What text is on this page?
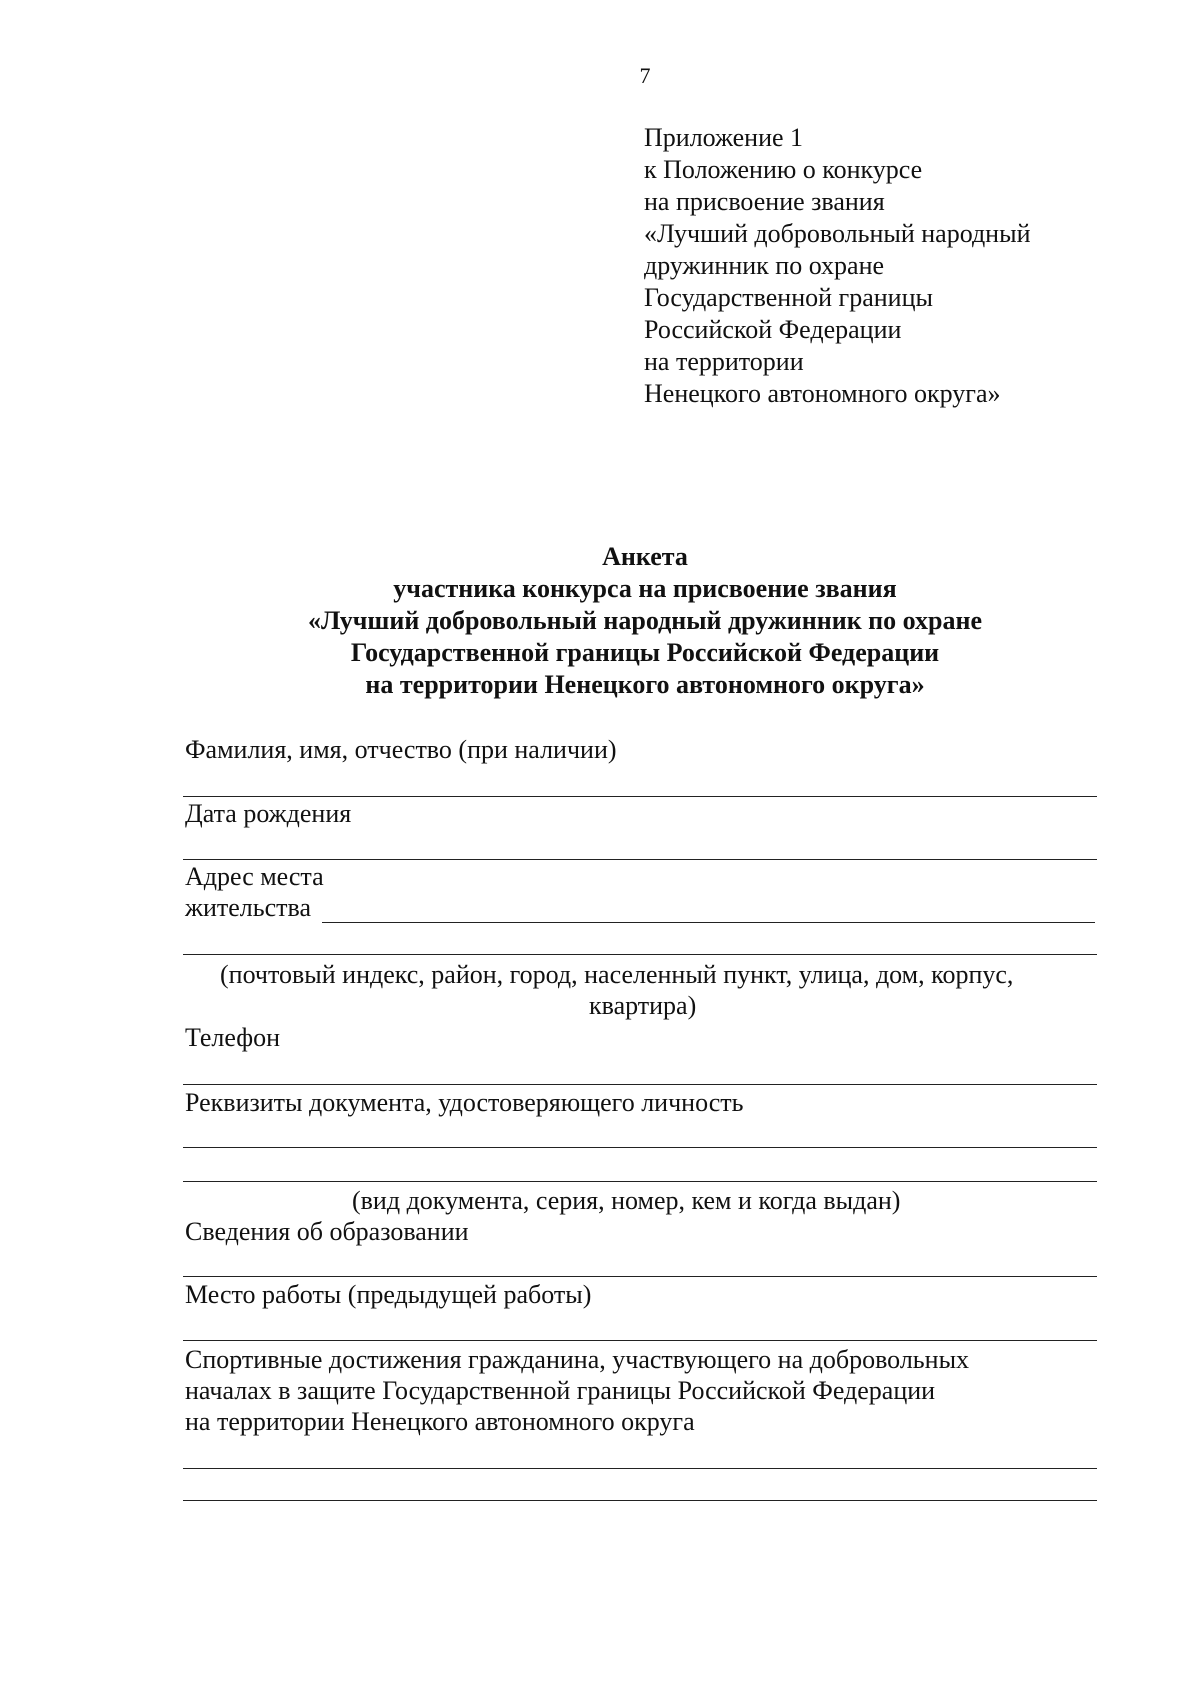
7
Приложение 1
к Положению о конкурсе
на присвоение звания
«Лучший добровольный народный
дружинник по охране
Государственной границы
Российской Федерации
на территории
Ненецкого автономного округа»
Анкета
участника конкурса на присвоение звания
«Лучший добровольный народный дружинник по охране
Государственной границы Российской Федерации
на территории Ненецкого автономного округа»
Фамилия, имя, отчество (при наличии)
Дата рождения
Адрес места
жительства
(почтовый индекс, район, город, населенный пункт, улица, дом, корпус,
квартира)
Телефон
Реквизиты документа, удостоверяющего личность
(вид документа, серия, номер, кем и когда выдан)
Сведения об образовании
Место работы (предыдущей работы)
Спортивные достижения гражданина, участвующего на добровольных
началах в защите Государственной границы Российской Федерации
на территории Ненецкого автономного округа
